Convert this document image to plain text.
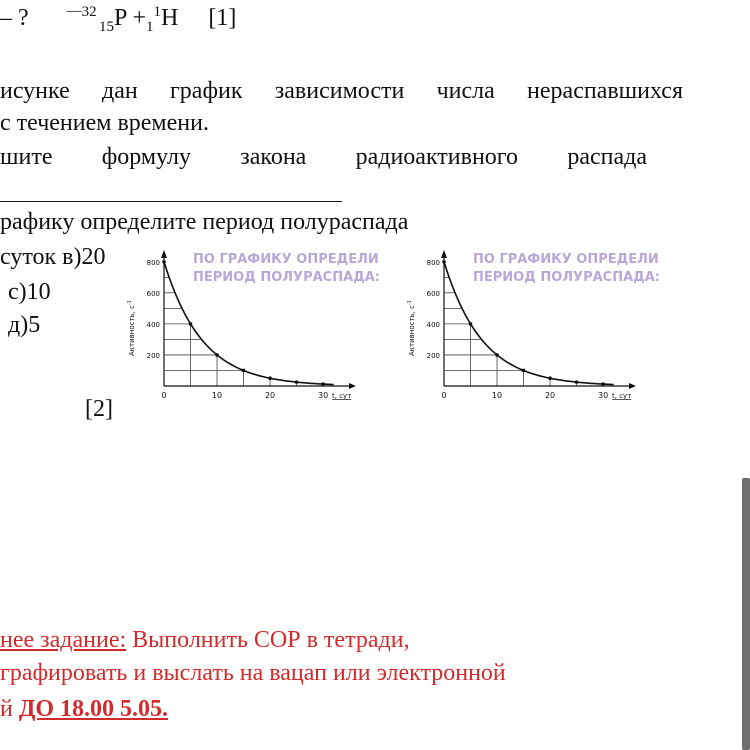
– ?	$^{—32}$
$_{15}P +_1^1H$ [1]
исунке дан график зависимости числа нераспавшихся
с течением времени.
шите формулу закона радиоактивного распада
рафику определите период полураспада
суток в)20
с)10
д)5
[2]
200
400
600
800
0	10	20	30 t, сут
Активность, $с^{-1}$
ПО ГРАФИКУ ОПРЕДЕЛИ
ПЕРИОД ПОЛУРАСПАДА:
200
400
600
800
0	10	20	30 t, сут
Активность, $с^{-1}$
ПО ГРАФИКУ ОПРЕДЕЛИ
ПЕРИОД ПОЛУРАСПАДА:
нее задание: Выполнить СОР в тетради,
графировать и выслать на вацап или электронной
й ДО 18.00 5.05.
